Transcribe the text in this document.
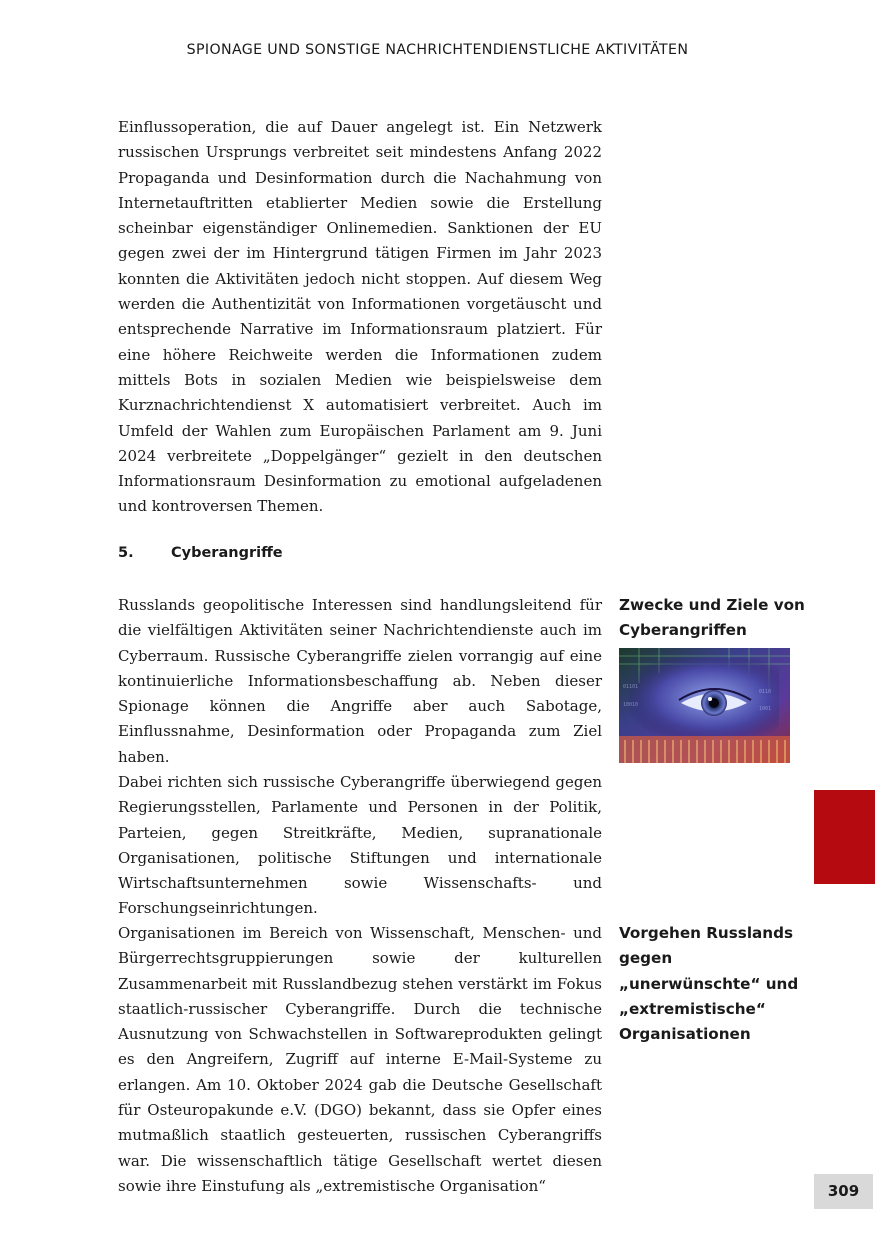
SPIONAGE UND SONSTIGE NACHRICHTENDIENSTLICHE AKTIVITÄTEN

Einflussoperation, die auf Dauer angelegt ist. Ein Netzwerk russischen Ursprungs verbreitet seit mindestens Anfang 2022 Propaganda und Desinformation durch die Nachahmung von Internetauftritten etablierter Medien sowie die Erstellung scheinbar eigenständiger Onlinemedien. Sanktionen der EU gegen zwei der im Hintergrund tätigen Firmen im Jahr 2023 konnten die Aktivitäten jedoch nicht stoppen. Auf diesem Weg werden die Authentizität von Informationen vorgetäuscht und entsprechende Narrative im Informationsraum platziert. Für eine höhere Reichweite werden die Informationen zudem mittels Bots in sozialen Medien wie beispielsweise dem Kurznachrichtendienst X automatisiert verbreitet. Auch im Umfeld der Wahlen zum Europäischen Parlament am 9. Juni 2024 verbreitete „Doppelgänger“ gezielt in den deutschen Informationsraum Desinformation zu emotional aufgeladenen und kontroversen Themen.

5.	Cyberangriffe

Russlands geopolitische Interessen sind handlungsleitend für die vielfältigen Aktivitäten seiner Nachrichtendienste auch im Cyberraum. Russische Cyberangriffe zielen vorrangig auf eine kontinuierliche Informationsbeschaffung ab. Neben dieser Spionage können die Angriffe aber auch Sabotage, Einflussnahme, Desinformation oder Propaganda zum Ziel haben.

Dabei richten sich russische Cyberangriffe überwiegend gegen Regierungsstellen, Parlamente und Personen in der Politik, Parteien, gegen Streitkräfte, Medien, supranationale Organisationen, politische Stiftungen und internationale Wirtschaftsunternehmen sowie Wissenschafts- und Forschungseinrichtungen.

Organisationen im Bereich von Wissenschaft, Menschen- und Bürgerrechtsgruppierungen sowie der kulturellen Zusammenarbeit mit Russlandbezug stehen verstärkt im Fokus staatlich-russischer Cyberangriffe. Durch die technische Ausnutzung von Schwachstellen in Softwareprodukten gelingt es den Angreifern, Zugriff auf interne E-Mail-Systeme zu erlangen. Am 10. Oktober 2024 gab die Deutsche Gesellschaft für Osteuropakunde e.V. (DGO) bekannt, dass sie Opfer eines mutmaßlich staatlich gesteuerten, russischen Cyberangriffs war. Die wissenschaftlich tätige Gesellschaft wertet diesen sowie ihre Einstufung als „extremistische Organisation“

Zwecke und Ziele von Cyberangriffen
01101
10010
0110
1001
Vorgehen Russlands gegen „unerwünschte“ und „extremistische“ Organisationen
309
